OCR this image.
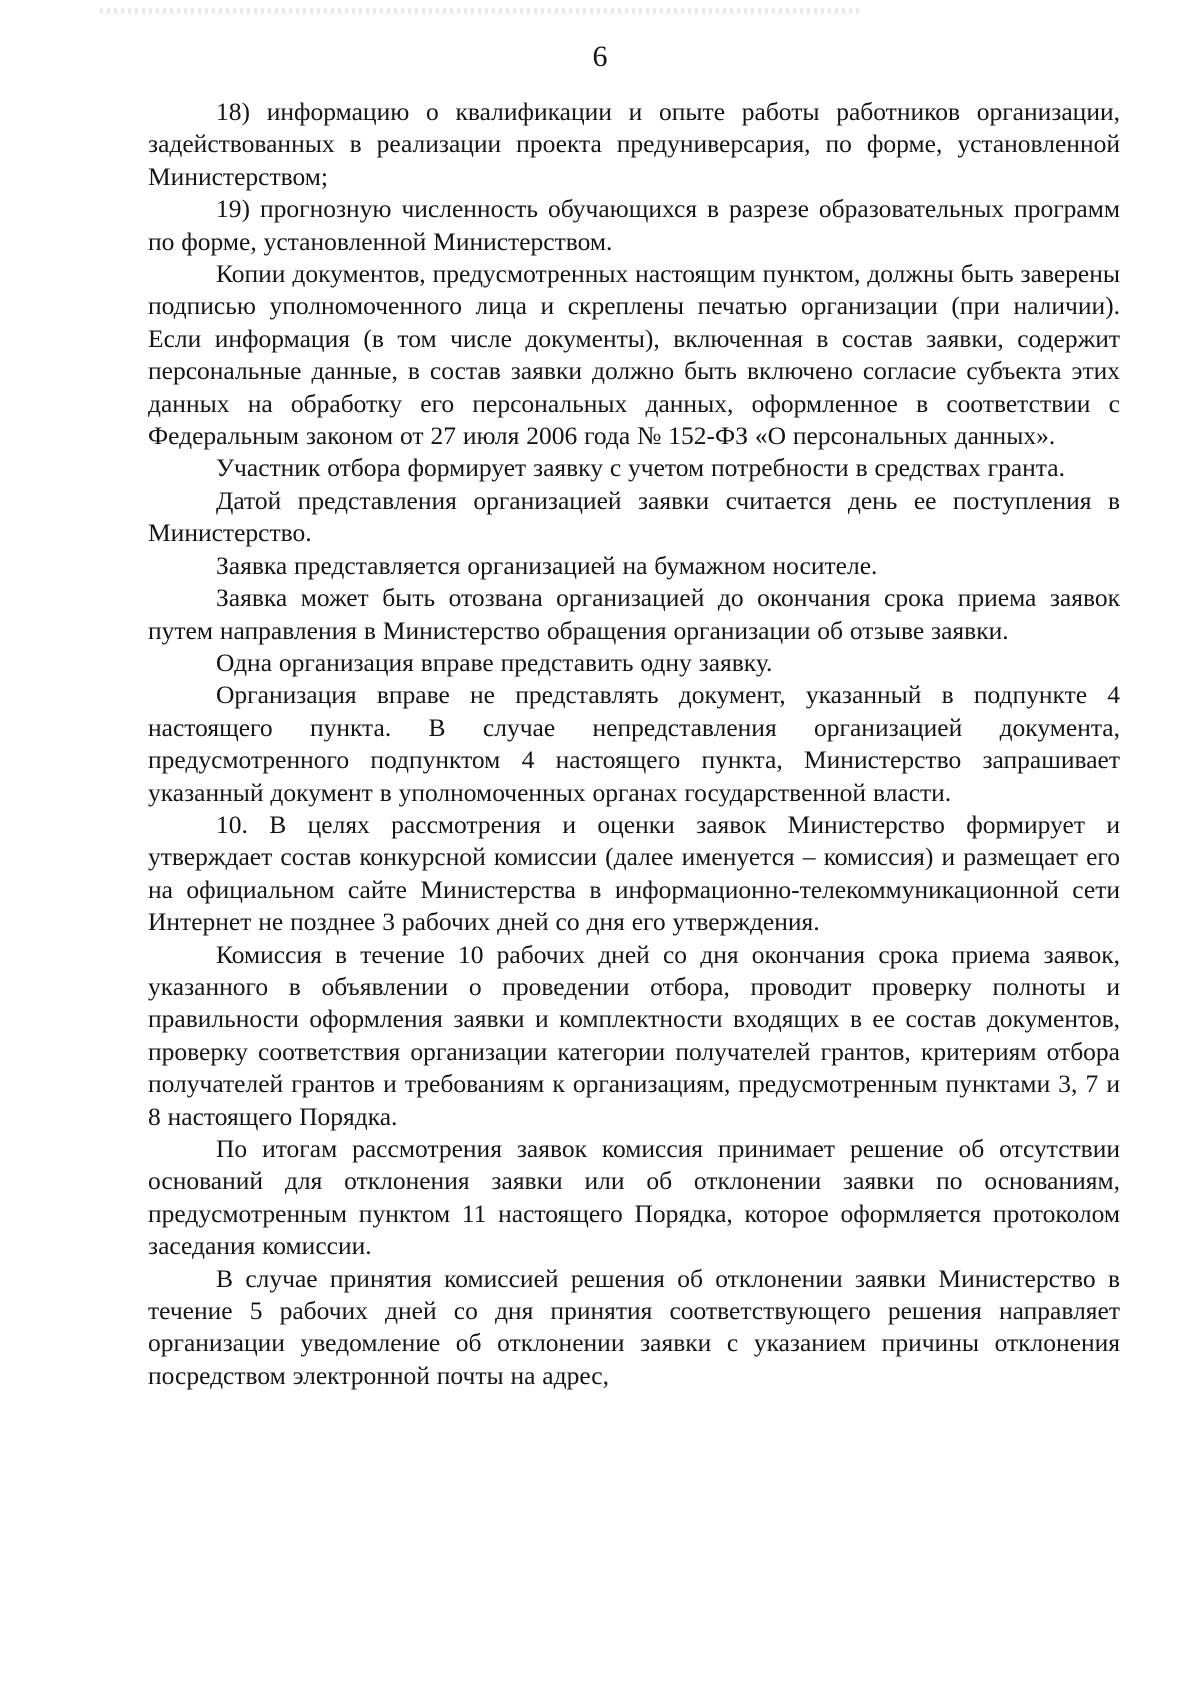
6

18) информацию о квалификации и опыте работы работников организации, задействованных в реализации проекта предуниверсария, по форме, установленной Министерством;

19) прогнозную численность обучающихся в разрезе образовательных программ по форме, установленной Министерством.

Копии документов, предусмотренных настоящим пунктом, должны быть заверены подписью уполномоченного лица и скреплены печатью организации (при наличии). Если информация (в том числе документы), включенная в состав заявки, содержит персональные данные, в состав заявки должно быть включено согласие субъекта этих данных на обработку его персональных данных, оформленное в соответствии с Федеральным законом от 27 июля 2006 года № 152-ФЗ «О персональных данных».

Участник отбора формирует заявку с учетом потребности в средствах гранта.

Датой представления организацией заявки считается день ее поступления в Министерство.

Заявка представляется организацией на бумажном носителе.

Заявка может быть отозвана организацией до окончания срока приема заявок путем направления в Министерство обращения организации об отзыве заявки.

Одна организация вправе представить одну заявку.

Организация вправе не представлять документ, указанный в подпункте 4 настоящего пункта. В случае непредставления организацией документа, предусмотренного подпунктом 4 настоящего пункта, Министерство запрашивает указанный документ в уполномоченных органах государственной власти.

10. В целях рассмотрения и оценки заявок Министерство формирует и утверждает состав конкурсной комиссии (далее именуется – комиссия) и размещает его на официальном сайте Министерства в информационно-телекоммуникационной сети Интернет не позднее 3 рабочих дней со дня его утверждения.

Комиссия в течение 10 рабочих дней со дня окончания срока приема заявок, указанного в объявлении о проведении отбора, проводит проверку полноты и правильности оформления заявки и комплектности входящих в ее состав документов, проверку соответствия организации категории получателей грантов, критериям отбора получателей грантов и требованиям к организациям, предусмотренным пунктами 3, 7 и 8 настоящего Порядка.

По итогам рассмотрения заявок комиссия принимает решение об отсутствии оснований для отклонения заявки или об отклонении заявки по основаниям, предусмотренным пунктом 11 настоящего Порядка, которое оформляется протоколом заседания комиссии.

В случае принятия комиссией решения об отклонении заявки Министерство в течение 5 рабочих дней со дня принятия соответствующего решения направляет организации уведомление об отклонении заявки с указанием причины отклонения посредством электронной почты на адрес,
